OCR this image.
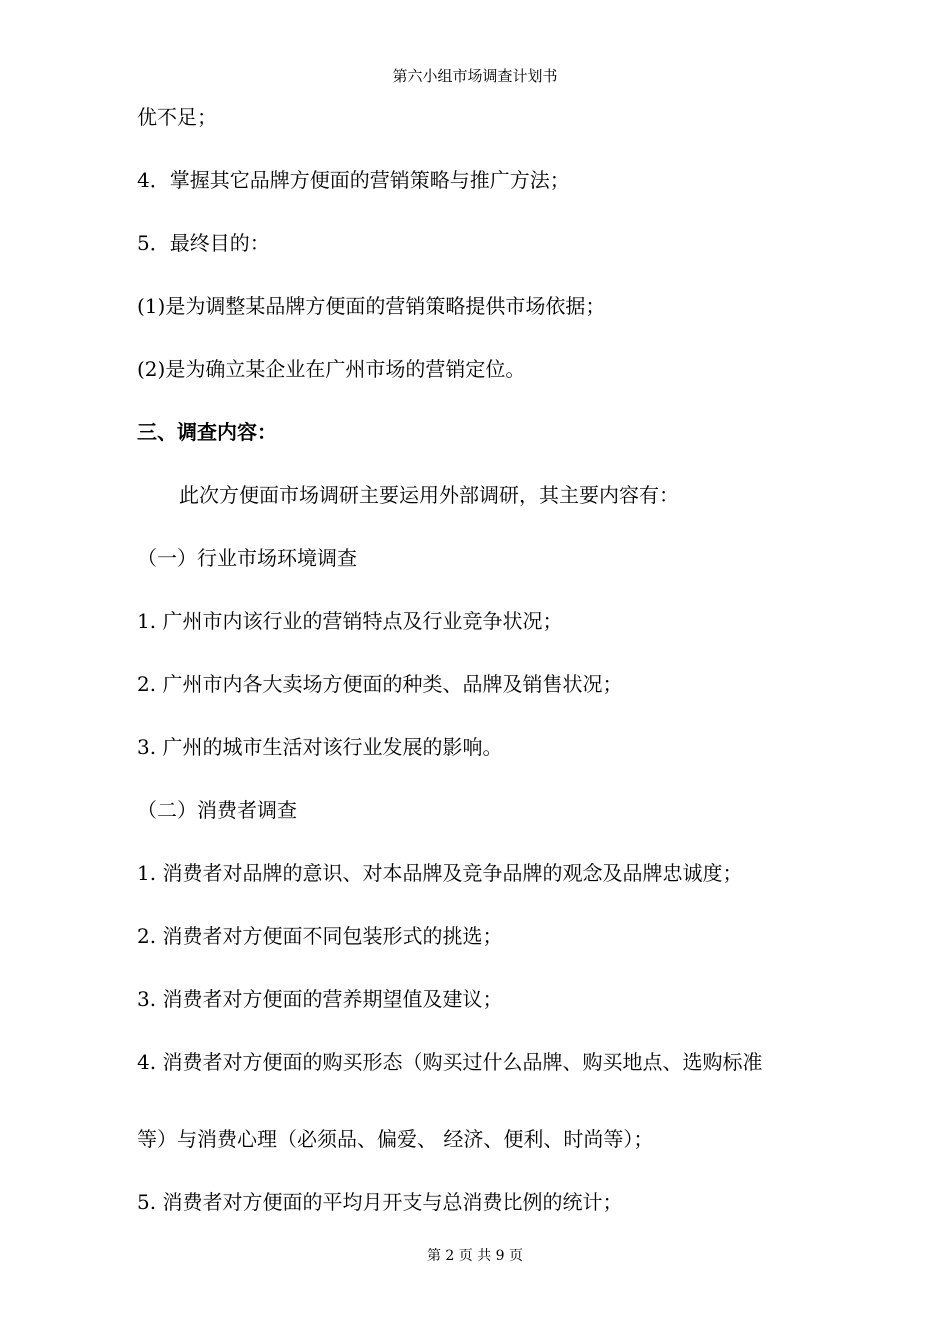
第六小组市场调查计划书
优不足；
4．掌握其它品牌方便面的营销策略与推广方法；
5．最终目的：
(1)是为调整某品牌方便面的营销策略提供市场依据；
(2)是为确立某企业在广州市场的营销定位。
三、调查内容：
此次方便面市场调研主要运用外部调研，其主要内容有：
（一）行业市场环境调查
1. 广州市内该行业的营销特点及行业竞争状况；
2. 广州市内各大卖场方便面的种类、品牌及销售状况；
3. 广州的城市生活对该行业发展的影响。
（二）消费者调查
1. 消费者对品牌的意识、对本品牌及竞争品牌的观念及品牌忠诚度；
2. 消费者对方便面不同包装形式的挑选；
3. 消费者对方便面的营养期望值及建议；
4. 消费者对方便面的购买形态（购买过什么品牌、购买地点、选购标准
等）与消费心理（必须品、偏爱、 经济、便利、时尚等）；
5. 消费者对方便面的平均月开支与总消费比例的统计；
第 2 页 共 9 页
